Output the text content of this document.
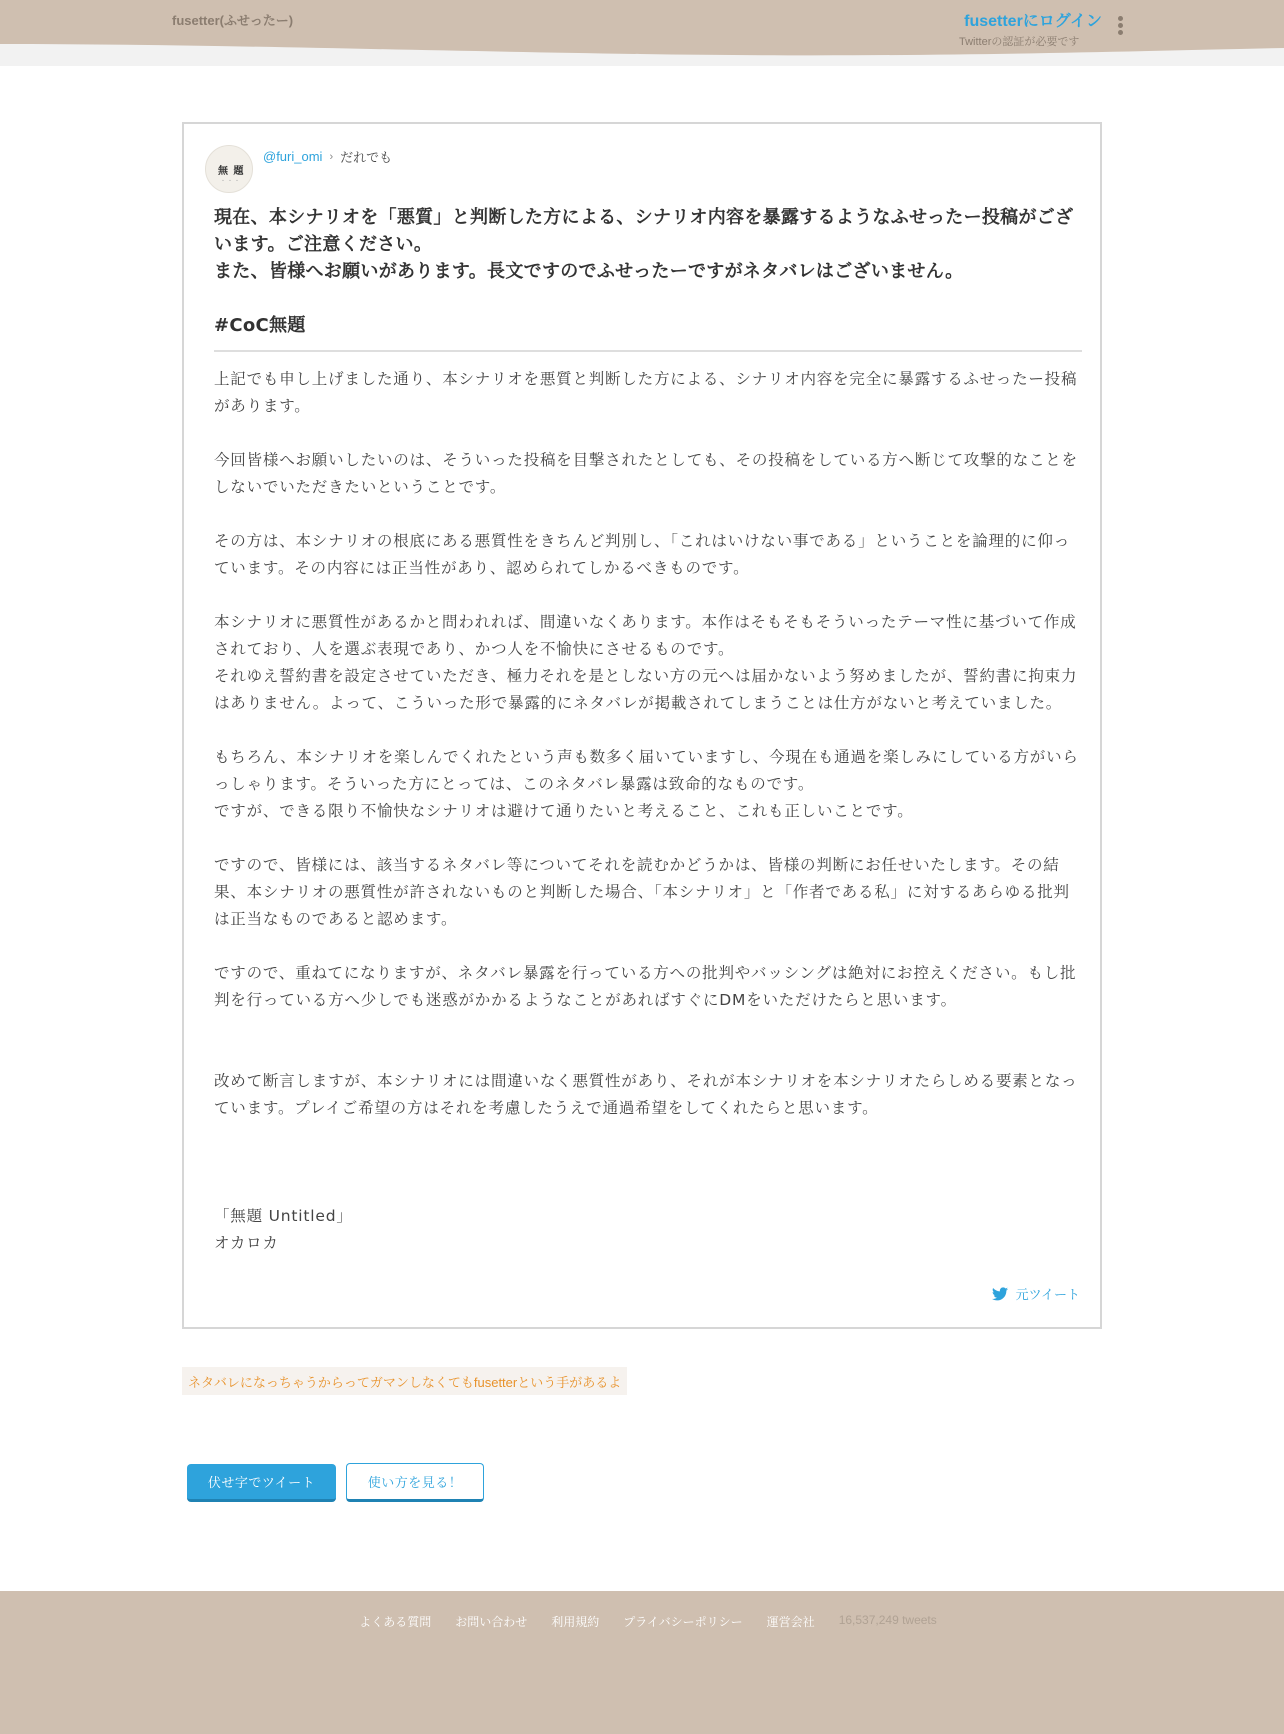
fusetter(ふせったー)	fusetterにログイン
Twitterの認証が必要です
無 題
・・・
@furi_omi › だれでも
現在、本シナリオを「悪質」と判断した方による、シナリオ内容を暴露するようなふせったー投稿がございます。ご注意ください。
また、皆様へお願いがあります。長文ですのでふせったーですがネタバレはございません。

#CoC無題
上記でも申し上げました通り、本シナリオを悪質と判断した方による、シナリオ内容を完全に暴露するふせったー投稿があります。

今回皆様へお願いしたいのは、そういった投稿を目撃されたとしても、その投稿をしている方へ断じて攻撃的なことをしないでいただきたいということです。

その方は、本シナリオの根底にある悪質性をきちんど判別し、「これはいけない事である」ということを論理的に仰っています。その内容には正当性があり、認められてしかるべきものです。

本シナリオに悪質性があるかと問われれば、間違いなくあります。本作はそもそもそういったテーマ性に基づいて作成されており、人を選ぶ表現であり、かつ人を不愉快にさせるものです。
それゆえ誓約書を設定させていただき、極力それを是としない方の元へは届かないよう努めましたが、誓約書に拘束力はありません。よって、こういった形で暴露的にネタバレが掲載されてしまうことは仕方がないと考えていました。

もちろん、本シナリオを楽しんでくれたという声も数多く届いていますし、今現在も通過を楽しみにしている方がいらっしゃります。そういった方にとっては、このネタバレ暴露は致命的なものです。
ですが、できる限り不愉快なシナリオは避けて通りたいと考えること、これも正しいことです。

ですので、皆様には、該当するネタバレ等についてそれを読むかどうかは、皆様の判断にお任せいたします。その結果、本シナリオの悪質性が許されないものと判断した場合、「本シナリオ」と「作者である私」に対するあらゆる批判は正当なものであると認めます。

ですので、重ねてになりますが、ネタバレ暴露を行っている方への批判やバッシングは絶対にお控えください。もし批判を行っている方へ少しでも迷惑がかかるようなことがあればすぐにDMをいただけたらと思います。

改めて断言しますが、本シナリオには間違いなく悪質性があり、それが本シナリオを本シナリオたらしめる要素となっています。プレイご希望の方はそれを考慮したうえで通過希望をしてくれたらと思います。

「無題 Untitled」
オカロカ
元ツイート
ネタバレになっちゃうからってガマンしなくてもfusetterという手があるよ
伏せ字でツイート	使い方を見る！
よくある質問 お問い合わせ 利用規約 プライバシーポリシー 運営会社 16,537,249 tweets
